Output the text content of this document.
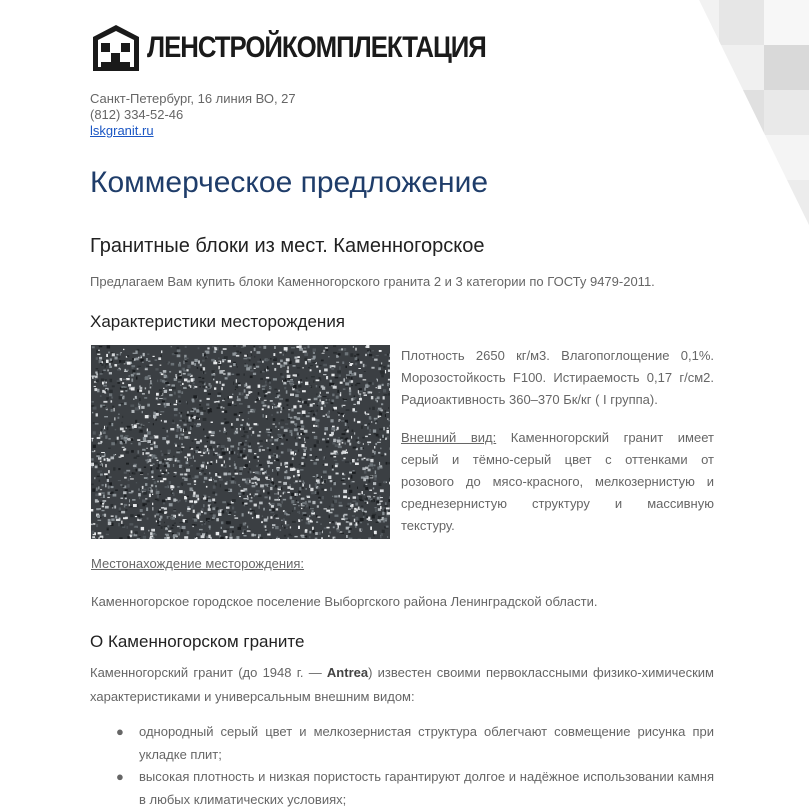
ЛЕНСТРОЙКОМПЛЕКТАЦИЯ
Санкт-Петербург, 16 линия ВО, 27
(812) 334-52-46
lskgranit.ru
Коммерческое предложение
Гранитные блоки из мест. Каменногорское

Предлагаем Вам купить блоки Каменногорского гранита 2 и 3 категории по ГОСТу 9479-2011.

Характеристики месторождения
Плотность 2650 кг/м3. Влагопоглощение 0,1%.
Морозостойкость F100. Истираемость 0,17 г/см2.
Радиоактивность 360–370 Бк/кг ( I группа).
Внешний вид: Каменногорский гранит имеет
серый и тёмно-серый цвет с оттенками от
розового до мясо-красного, мелкозернистую и
среднезернистую структуру и массивную
текстуру.

Местонахождение месторождения:

Каменногорское городское поселение Выборгского района Ленинградской области.

О Каменногорском граните
Каменногорский гранит (до 1948 г. — Antrea) известен своими первоклассными физико-химическим характеристиками и универсальным внешним видом:
● однородный серый цвет и мелкозернистая структура облегчают совмещение рисунка при укладке плит;
● высокая плотность и низкая пористость гарантируют долгое и надёжное использовании камня в любых климатических условиях;
